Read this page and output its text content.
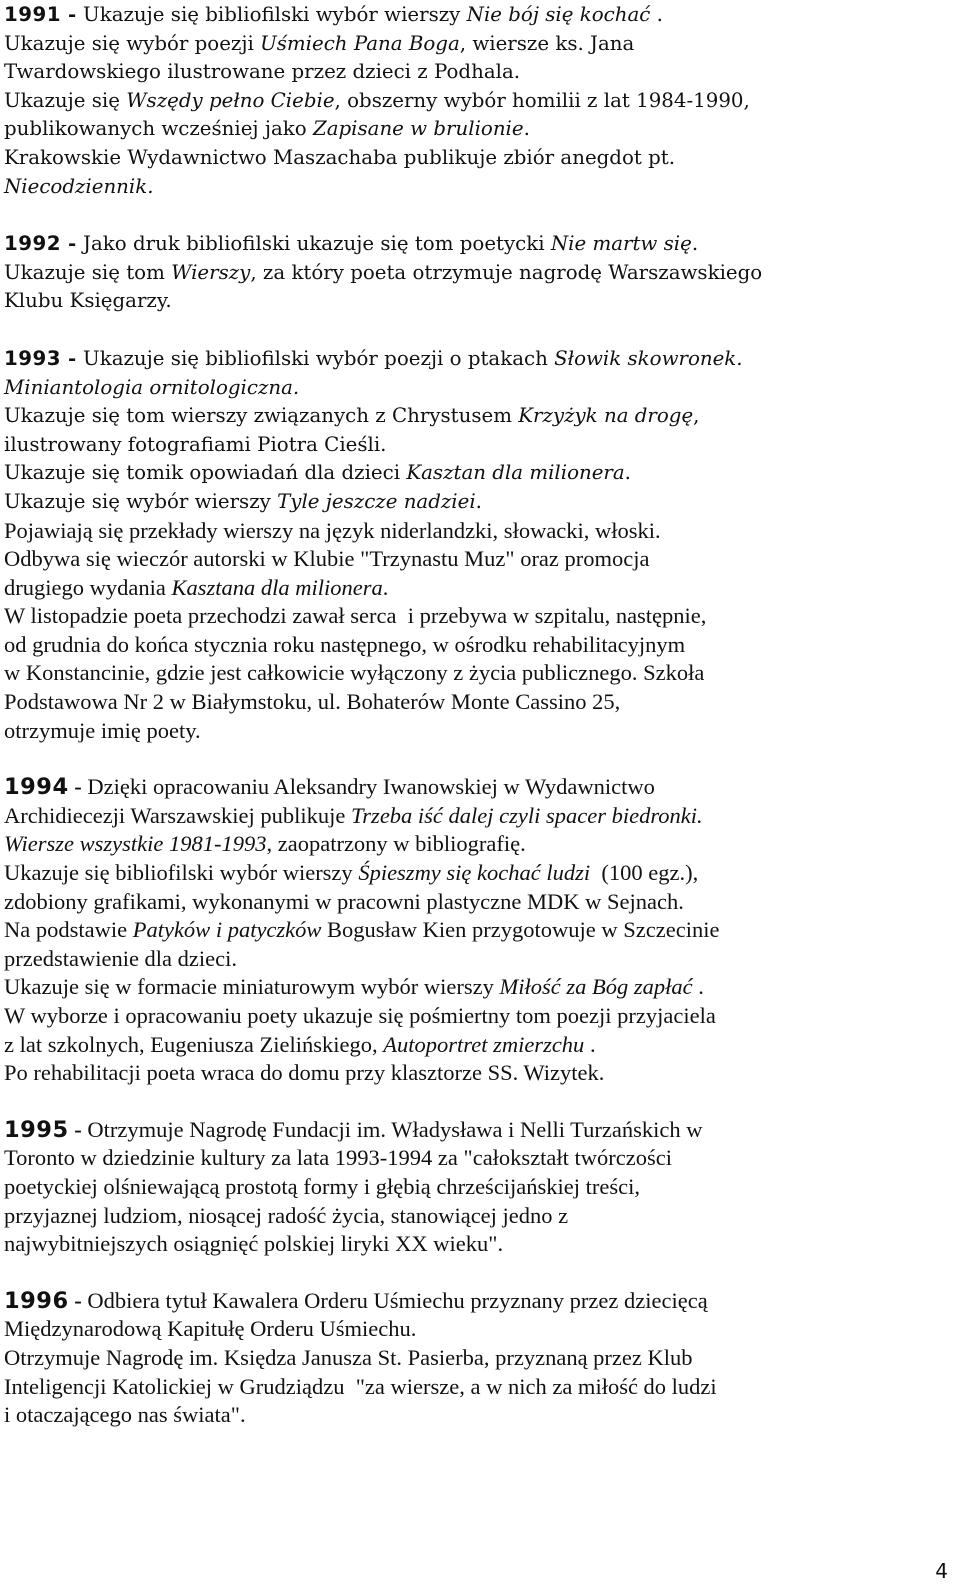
1991 - Ukazuje się bibliofilski wybór wierszy Nie bój się kochać .
Ukazuje się wybór poezji Uśmiech Pana Boga, wiersze ks. Jana
Twardowskiego ilustrowane przez dzieci z Podhala.
Ukazuje się Wszędy pełno Ciebie, obszerny wybór homilii z lat 1984-1990,
publikowanych wcześniej jako Zapisane w brulionie.
Krakowskie Wydawnictwo Maszachaba publikuje zbiór anegdot pt.
Niecodziennik.
1992 - Jako druk bibliofilski ukazuje się tom poetycki Nie martw się.
Ukazuje się tom Wierszy, za który poeta otrzymuje nagrodę Warszawskiego
Klubu Księgarzy.
1993 - Ukazuje się bibliofilski wybór poezji o ptakach Słowik skowronek.
Miniantologia ornitologiczna.
Ukazuje się tom wierszy związanych z Chrystusem Krzyżyk na drogę,
ilustrowany fotografiami Piotra Cieśli.
Ukazuje się tomik opowiadań dla dzieci Kasztan dla milionera.
Ukazuje się wybór wierszy Tyle jeszcze nadziei.
Pojawiają się przekłady wierszy na język niderlandzki, słowacki, włoski.
Odbywa się wieczór autorski w Klubie "Trzynastu Muz" oraz promocja
drugiego wydania Kasztana dla milionera.
W listopadzie poeta przechodzi zawał serca  i przebywa w szpitalu, następnie,
od grudnia do końca stycznia roku następnego, w ośrodku rehabilitacyjnym
w Konstancinie, gdzie jest całkowicie wyłączony z życia publicznego. Szkoła
Podstawowa Nr 2 w Białymstoku, ul. Bohaterów Monte Cassino 25,
otrzymuje imię poety.
1994 - Dzięki opracowaniu Aleksandry Iwanowskiej w Wydawnictwo
Archidiecezji Warszawskiej publikuje Trzeba iść dalej czyli spacer biedronki.
Wiersze wszystkie 1981-1993, zaopatrzony w bibliografię.
Ukazuje się bibliofilski wybór wierszy Śpieszmy się kochać ludzi  (100 egz.),
zdobiony grafikami, wykonanymi w pracowni plastyczne MDK w Sejnach.
Na podstawie Patyków i patyczków Bogusław Kien przygotowuje w Szczecinie
przedstawienie dla dzieci.
Ukazuje się w formacie miniaturowym wybór wierszy Miłość za Bóg zapłać .
W wyborze i opracowaniu poety ukazuje się pośmiertny tom poezji przyjaciela
z lat szkolnych, Eugeniusza Zielińskiego, Autoportret zmierzchu .
Po rehabilitacji poeta wraca do domu przy klasztorze SS. Wizytek.
1995 - Otrzymuje Nagrodę Fundacji im. Władysława i Nelli Turzańskich w
Toronto w dziedzinie kultury za lata 1993-1994 za "całokształt twórczości
poetyckiej olśniewającą prostotą formy i głębią chrześcijańskiej treści,
przyjaznej ludziom, niosącej radość życia, stanowiącej jedno z
najwybitniejszych osiągnięć polskiej liryki XX wieku".
1996 - Odbiera tytuł Kawalera Orderu Uśmiechu przyznany przez dziecięcą
Międzynarodową Kapitułę Orderu Uśmiechu.
Otrzymuje Nagrodę im. Księdza Janusza St. Pasierba, przyznaną przez Klub
Inteligencji Katolickiej w Grudziądzu  "za wiersze, a w nich za miłość do ludzi
i otaczającego nas świata".
4
